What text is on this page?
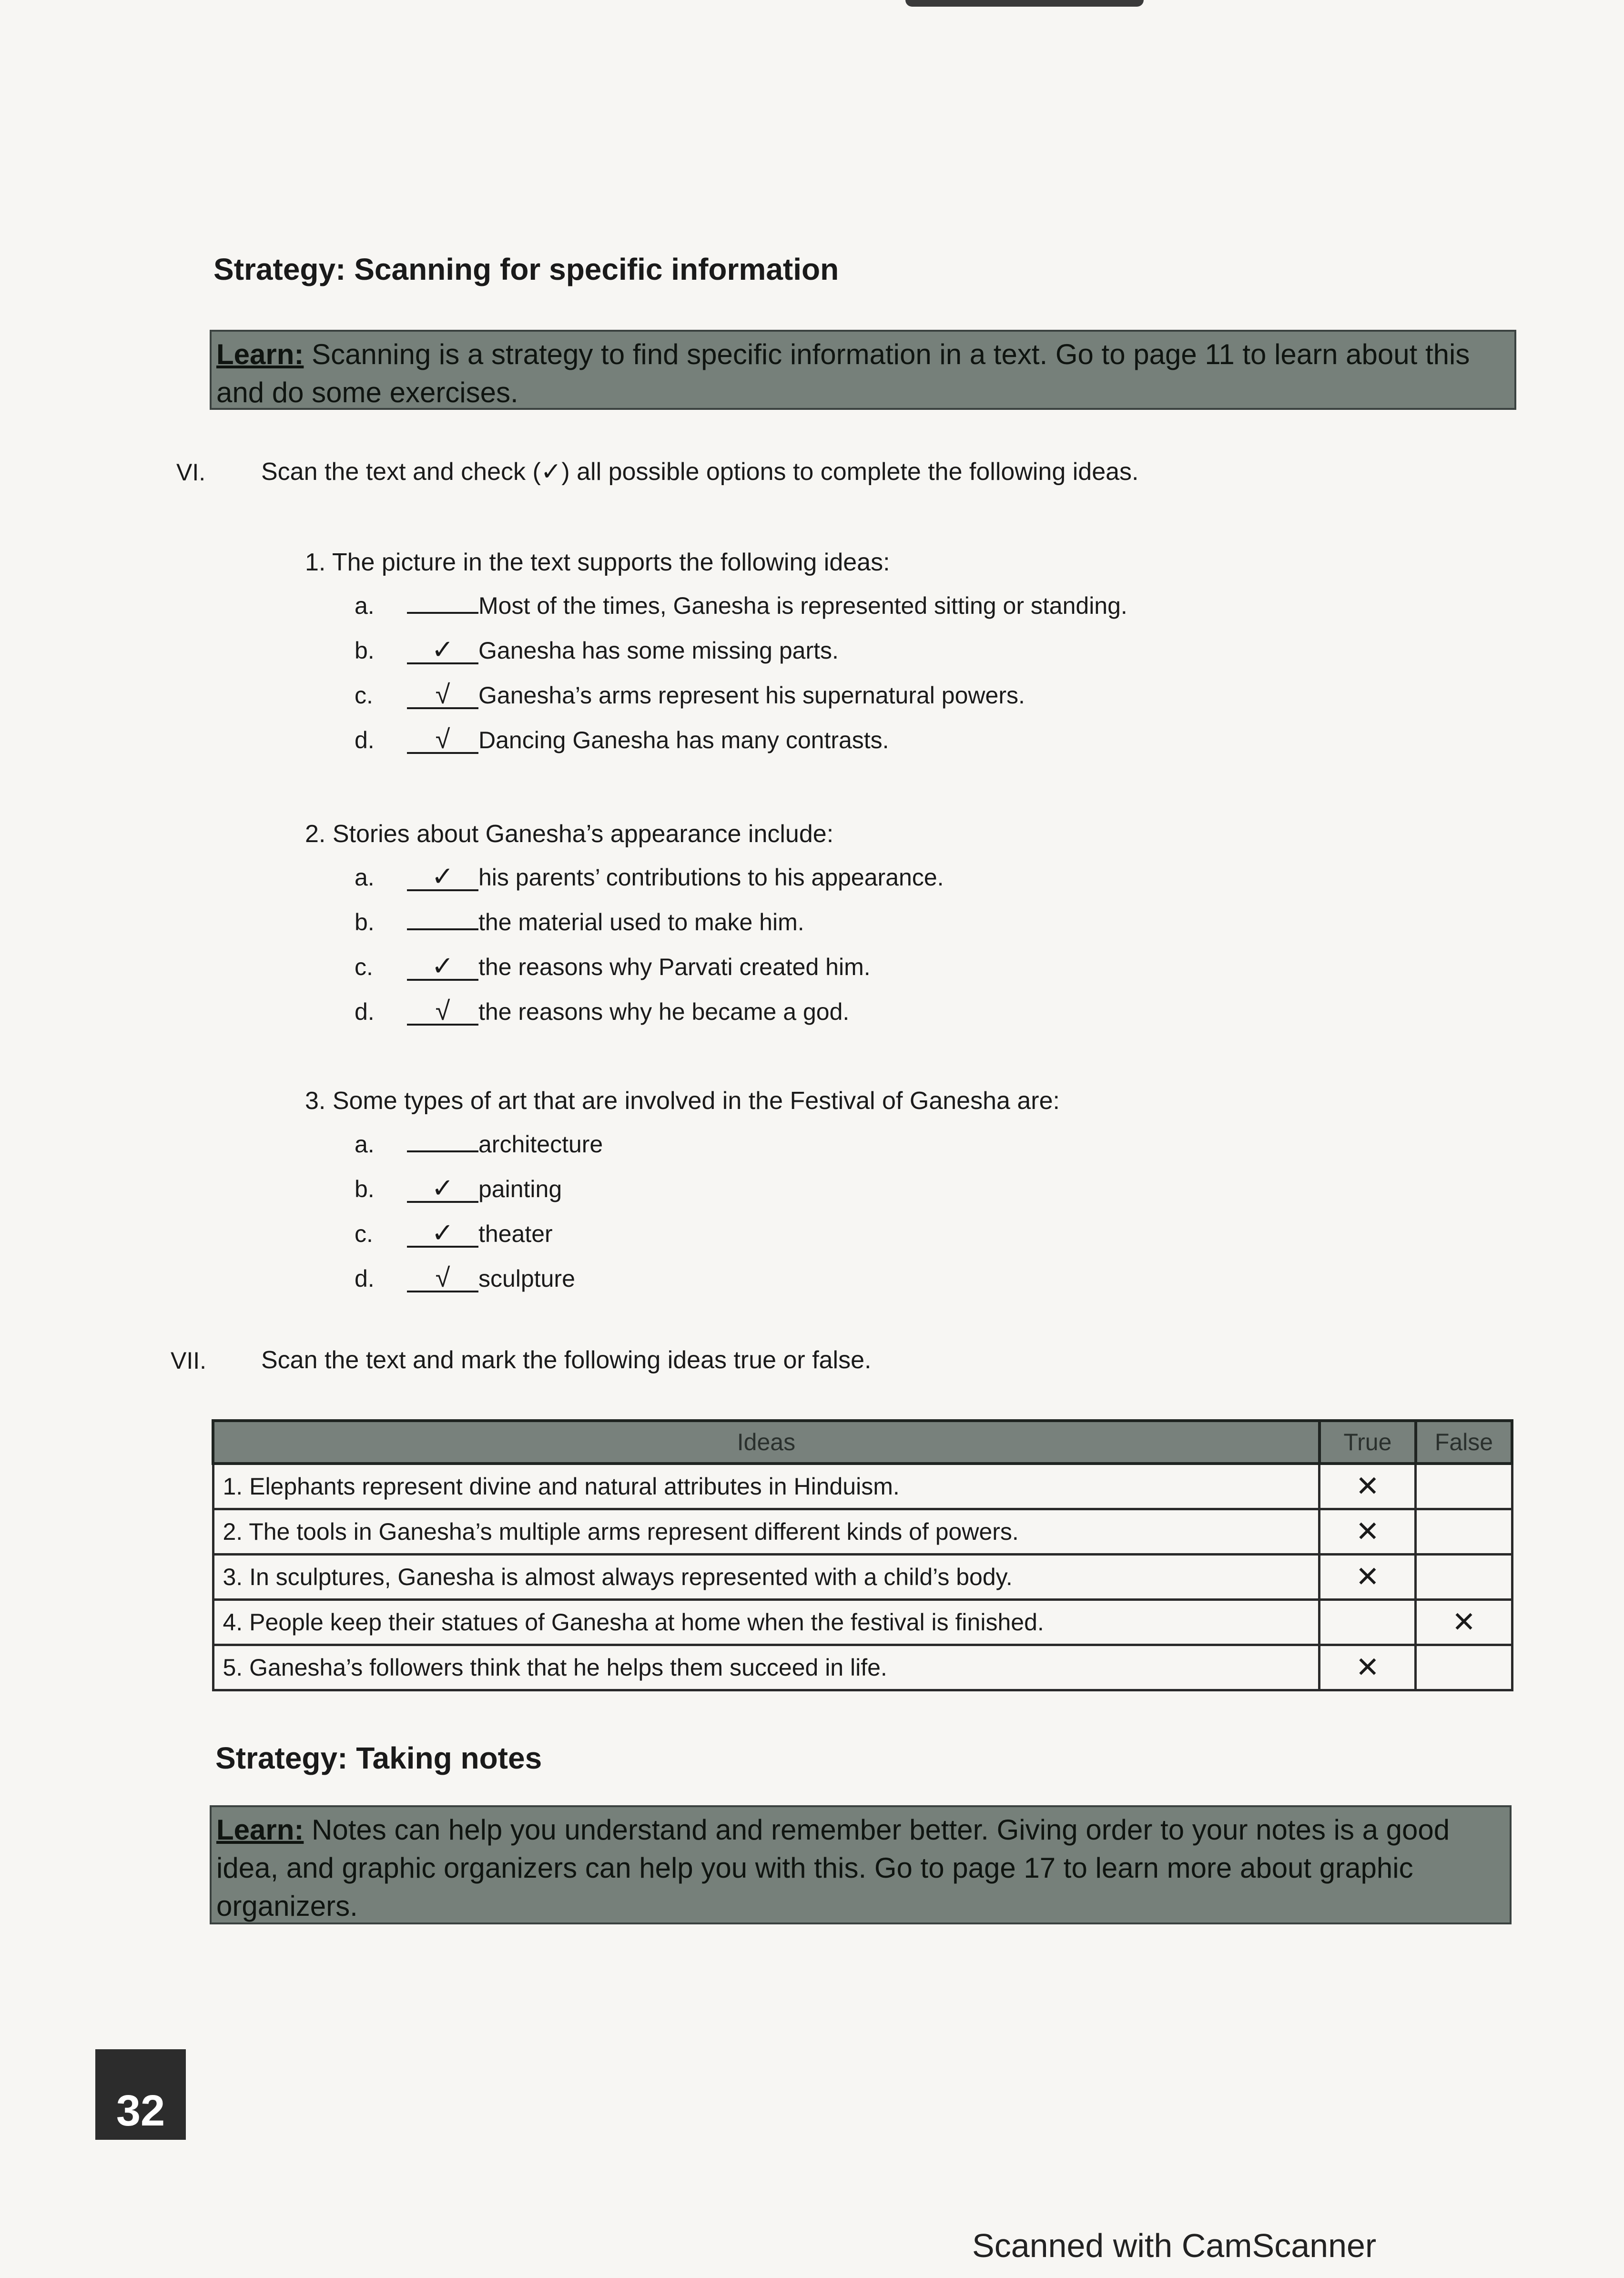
Strategy: Scanning for specific information
Learn: Scanning is a strategy to find specific information in a text. Go to page 11 to learn about this and do some exercises.
VI. Scan the text and check (✓) all possible options to complete the following ideas.
1. The picture in the text supports the following ideas:
a.	Most of the times, Ganesha is represented sitting or standing.
b. ✓ Ganesha has some missing parts.
c. √ Ganesha’s arms represent his supernatural powers.
d. √ Dancing Ganesha has many contrasts.
2. Stories about Ganesha’s appearance include:
a. ✓ his parents’ contributions to his appearance.
b.	the material used to make him.
c. ✓ the reasons why Parvati created him.
d. √ the reasons why he became a god.
3. Some types of art that are involved in the Festival of Ganesha are:
a.	architecture
b. ✓ painting
c. ✓ theater
d. √ sculpture
VII. Scan the text and mark the following ideas true or false.
Ideas	True	False
1. Elephants represent divine and natural attributes in Hinduism.	✕	
2. The tools in Ganesha’s multiple arms represent different kinds of powers.	✕	
3. In sculptures, Ganesha is almost always represented with a child’s body.	✕	
4. People keep their statues of Ganesha at home when the festival is finished.		✕
5. Ganesha’s followers think that he helps them succeed in life.	✕	
Strategy: Taking notes
Learn: Notes can help you understand and remember better. Giving order to your notes is a good idea, and graphic organizers can help you with this. Go to page 17 to learn more about graphic organizers.
32
Scanned with CamScanner
